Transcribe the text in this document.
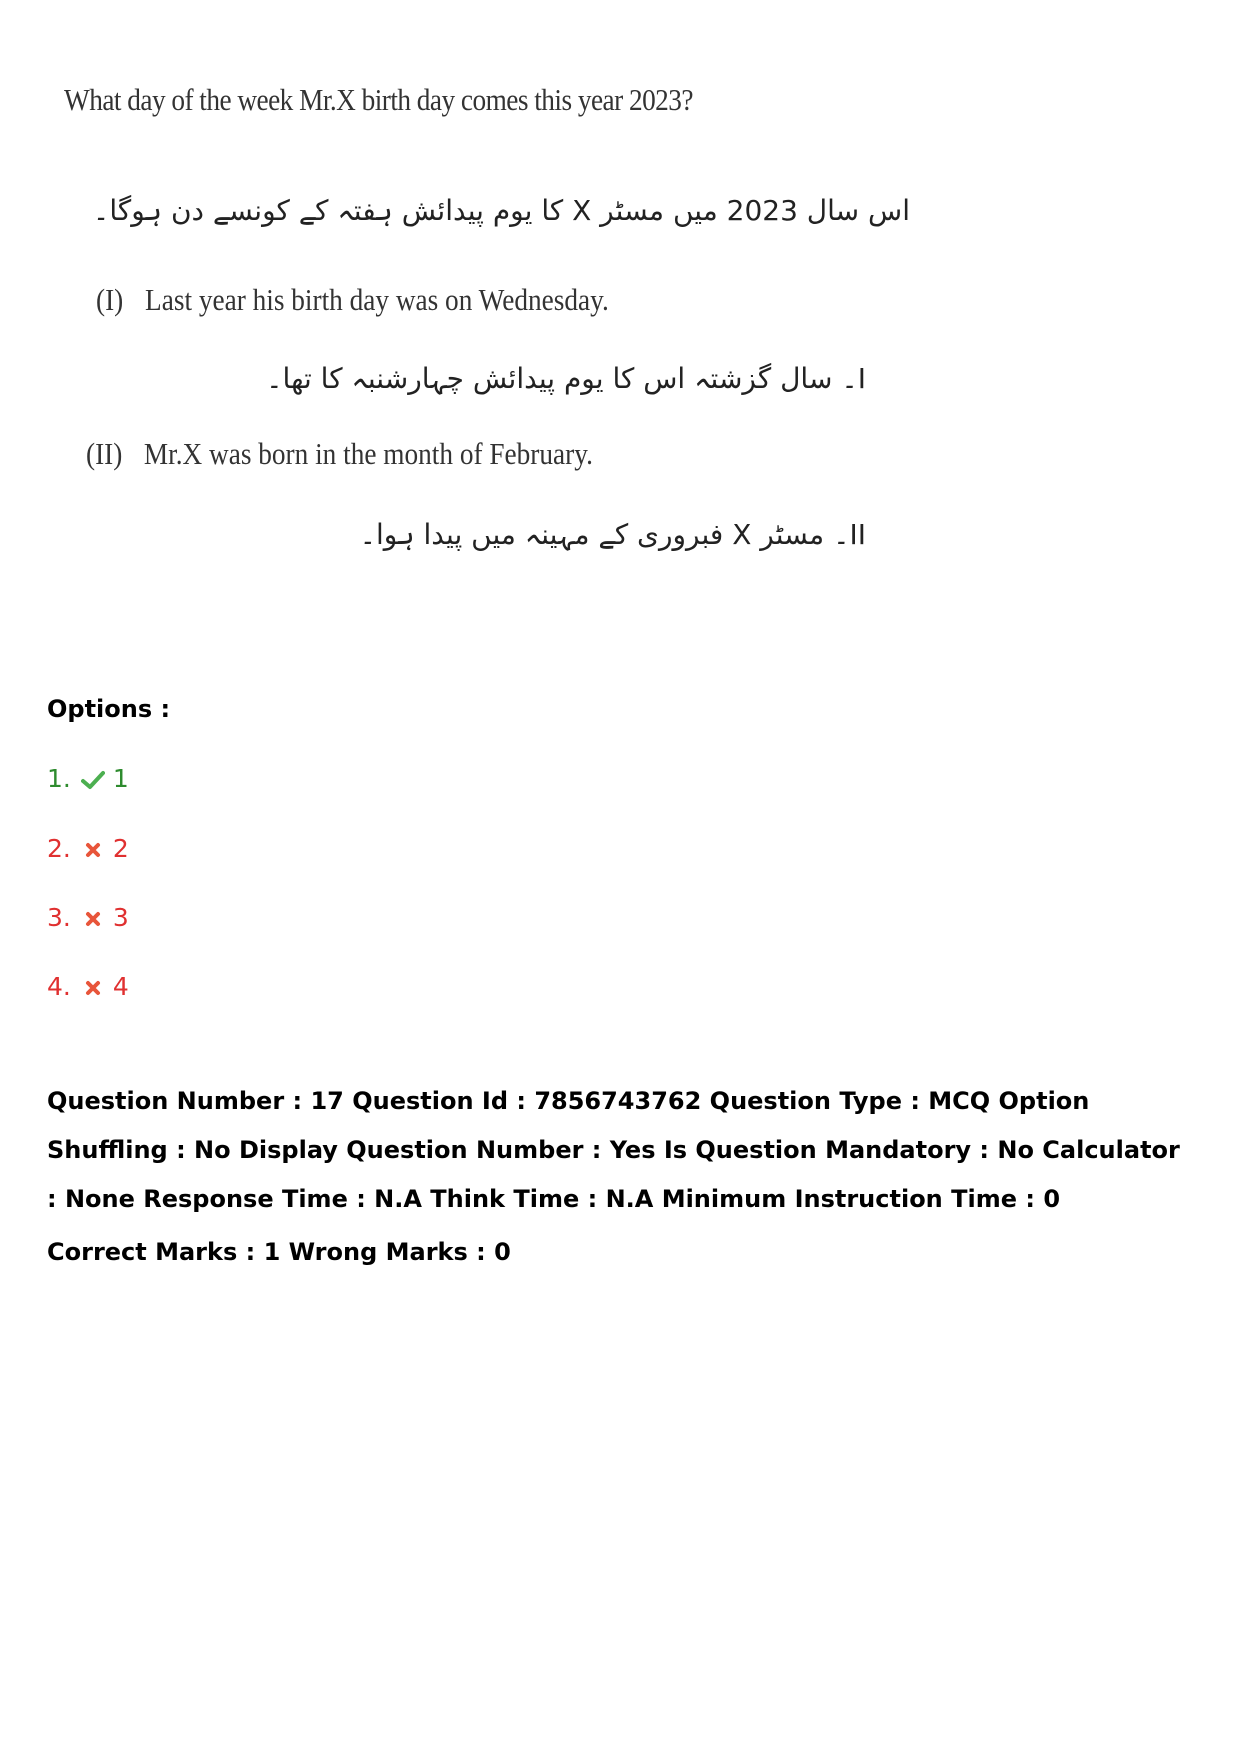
What day of the week Mr.X birth day comes this year 2023?
اس سال 2023 میں مسٹر X کا یوم پیدائش ہفتہ کے کونسے دن ہوگا۔
(I) Last year his birth day was on Wednesday.
I۔ سال گزشتہ اس کا یوم پیدائش چہارشنبہ کا تھا۔
(II) Mr.X was born in the month of February.
II۔ مسٹر X فبروری کے مہینہ میں پیدا ہوا۔
Options :
1. 1
2. 2
3. 3
4. 4
Question Number : 17 Question Id : 7856743762 Question Type : MCQ Option Shuffling : No Display Question Number : Yes Is Question Mandatory : No Calculator : None Response Time : N.A Think Time : N.A Minimum Instruction Time : 0
Correct Marks : 1 Wrong Marks : 0
